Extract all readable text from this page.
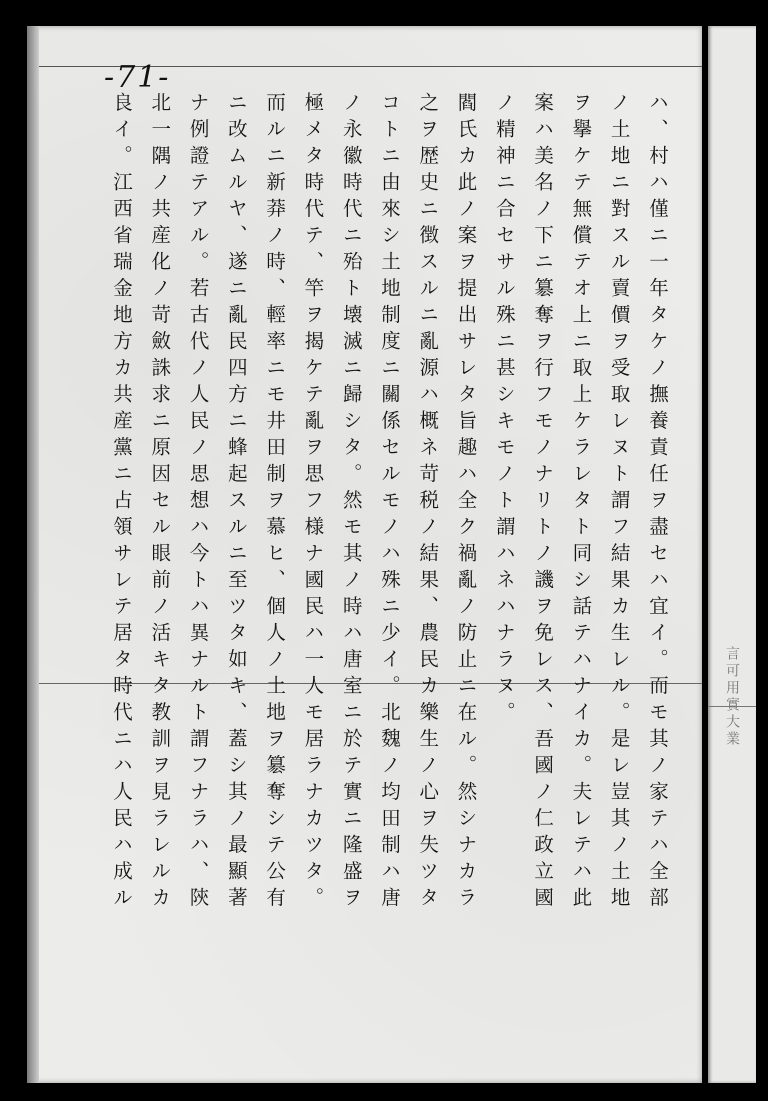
-71-
ハ、村ハ僅ニ一年タケノ撫養責任ヲ盡セハ宜イ。而モ其ノ家テハ全部
ノ土地ニ對スル賣價ヲ受取レヌト謂フ結果カ生レル。是レ豈其ノ土地
ヲ擧ケテ無償テオ上ニ取上ケラレタト同シ話テハナイカ。夫レテハ此
案ハ美名ノ下ニ簒奪ヲ行フモノナリトノ譏ヲ免レス、吾國ノ仁政立國
ノ精神ニ合セサル殊ニ甚シキモノト謂ハネハナラヌ。
閻氏カ此ノ案ヲ提出サレタ旨趣ハ全ク禍亂ノ防止ニ在ル。然シナカラ
之ヲ歴史ニ徴スルニ亂源ハ概ネ苛税ノ結果、農民カ樂生ノ心ヲ失ツタ
コトニ由來シ土地制度ニ關係セルモノハ殊ニ少イ。北魏ノ均田制ハ唐
ノ永徽時代ニ殆ト壊滅ニ歸シタ。然モ其ノ時ハ唐室ニ於テ實ニ隆盛ヲ
極メタ時代テ、竿ヲ揭ケテ亂ヲ思フ様ナ國民ハ一人モ居ラナカツタ。
而ルニ新莽ノ時、輕率ニモ井田制ヲ慕ヒ、個人ノ土地ヲ簒奪シテ公有
ニ改ムルヤ、遂ニ亂民四方ニ蜂起スルニ至ツタ如キ、蓋シ其ノ最顯著
ナ例證テアル。若古代ノ人民ノ思想ハ今トハ異ナルト謂フナラハ、陝
北一隅ノ共産化ノ苛斂誅求ニ原因セル眼前ノ活キタ教訓ヲ見ラレルカ
良イ。江西省瑞金地方カ共産黨ニ占領サレテ居タ時代ニハ人民ハ成ル	言可用實大業
